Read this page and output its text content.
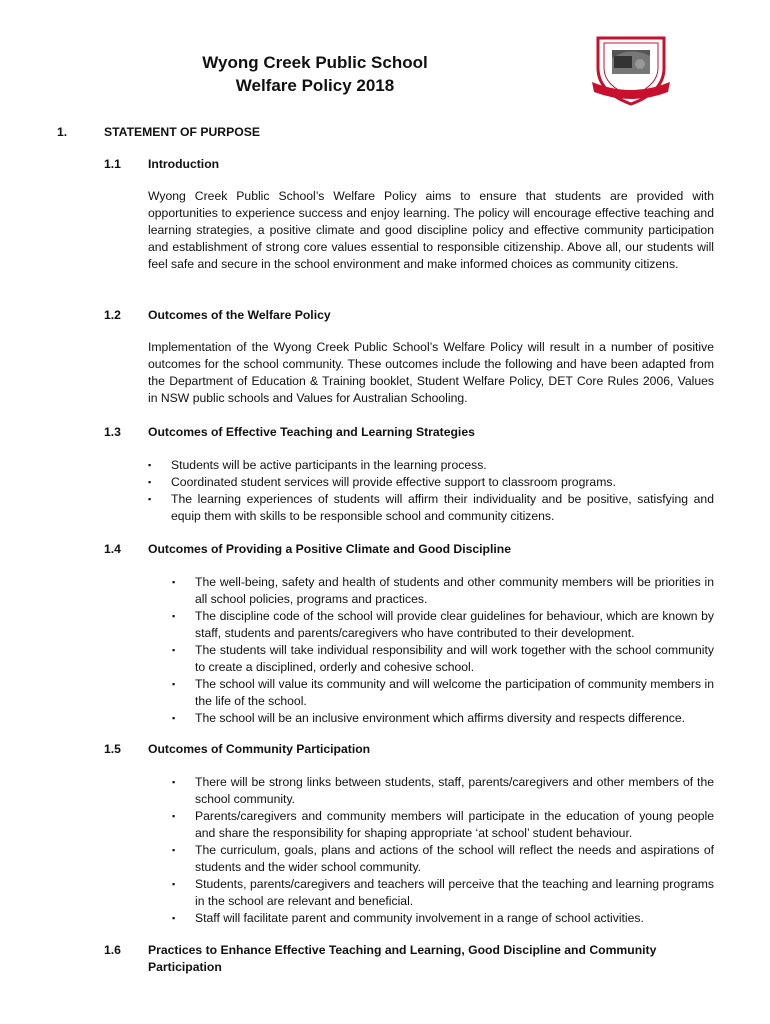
Wyong Creek Public School
Welfare Policy 2018
1.	STATEMENT OF PURPOSE
1.1 Introduction
Wyong Creek Public School’s Welfare Policy aims to ensure that students are provided with opportunities to experience success and enjoy learning. The policy will encourage effective teaching and learning strategies, a positive climate and good discipline policy and effective community participation and establishment of strong core values essential to responsible citizenship. Above all, our students will feel safe and secure in the school environment and make informed choices as community citizens.
1.2 Outcomes of the Welfare Policy
Implementation of the Wyong Creek Public School’s Welfare Policy will result in a number of positive outcomes for the school community. These outcomes include the following and have been adapted from the Department of Education & Training booklet, Student Welfare Policy, DET Core Rules 2006, Values in NSW public schools and Values for Australian Schooling.
1.3 Outcomes of Effective Teaching and Learning Strategies
▪ Students will be active participants in the learning process.
▪ Coordinated student services will provide effective support to classroom programs.
▪ The learning experiences of students will affirm their individuality and be positive, satisfying and equip them with skills to be responsible school and community citizens.
1.4 Outcomes of Providing a Positive Climate and Good Discipline
▪ The well-being, safety and health of students and other community members will be priorities in all school policies, programs and practices.
▪ The discipline code of the school will provide clear guidelines for behaviour, which are known by staff, students and parents/caregivers who have contributed to their development.
▪ The students will take individual responsibility and will work together with the school community to create a disciplined, orderly and cohesive school.
▪ The school will value its community and will welcome the participation of community members in the life of the school.
▪ The school will be an inclusive environment which affirms diversity and respects difference.
1.5 Outcomes of Community Participation
▪ There will be strong links between students, staff, parents/caregivers and other members of the school community.
▪ Parents/caregivers and community members will participate in the education of young people and share the responsibility for shaping appropriate ‘at school’ student behaviour.
▪ The curriculum, goals, plans and actions of the school will reflect the needs and aspirations of students and the wider school community.
▪ Students, parents/caregivers and teachers will perceive that the teaching and learning programs in the school are relevant and beneficial.
▪ Staff will facilitate parent and community involvement in a range of school activities.
1.6 Practices to Enhance Effective Teaching and Learning, Good Discipline and Community Participation
